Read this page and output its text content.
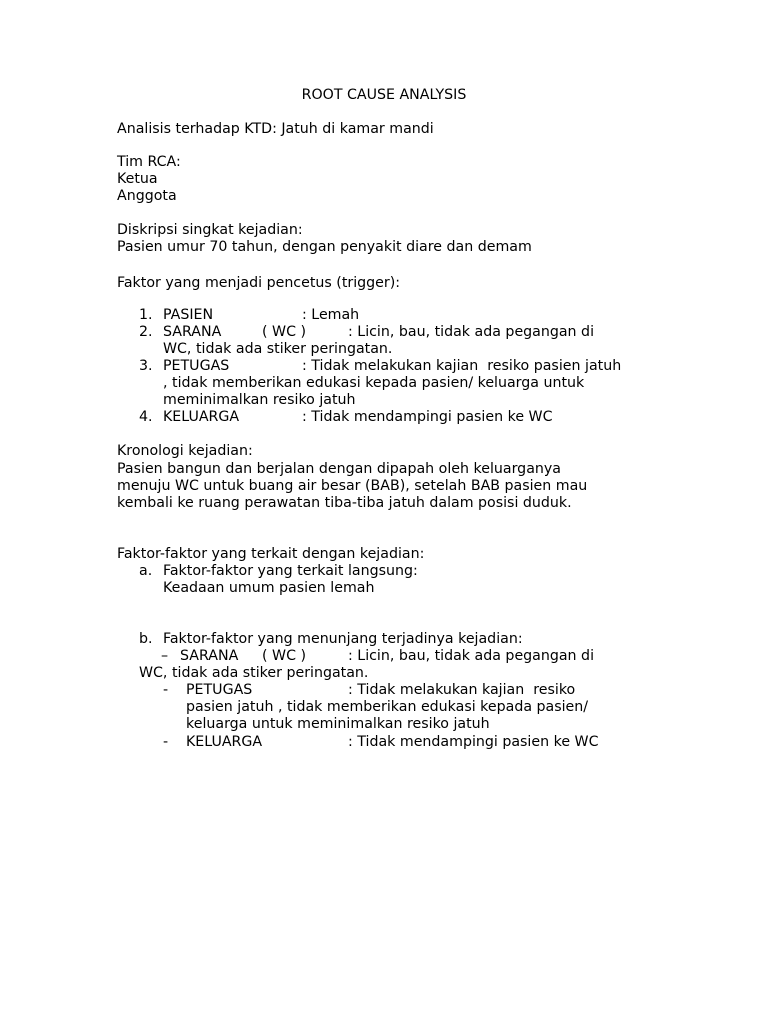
ROOT CAUSE ANALYSIS
Analisis terhadap KTD: Jatuh di kamar mandi
Tim RCA:
Ketua
Anggota
Diskripsi singkat kejadian:
Pasien umur 70 tahun, dengan penyakit diare dan demam
Faktor yang menjadi pencetus (trigger):
1. PASIEN	: Lemah
2. SARANA	( WC )	: Licin, bau, tidak ada pegangan di
WC, tidak ada stiker peringatan.
3. PETUGAS	: Tidak melakukan kajian  resiko pasien jatuh
, tidak memberikan edukasi kepada pasien/ keluarga untuk
meminimalkan resiko jatuh
4. KELUARGA	: Tidak mendampingi pasien ke WC
Kronologi kejadian:
Pasien bangun dan berjalan dengan dipapah oleh keluarganya
menuju WC untuk buang air besar (BAB), setelah BAB pasien mau
kembali ke ruang perawatan tiba-tiba jatuh dalam posisi duduk.
Faktor-faktor yang terkait dengan kejadian:
a. Faktor-faktor yang terkait langsung:
Keadaan umum pasien lemah
b. Faktor-faktor yang menunjang terjadinya kejadian:
– SARANA ( WC )	: Licin, bau, tidak ada pegangan di
WC, tidak ada stiker peringatan.
- PETUGAS	: Tidak melakukan kajian  resiko
pasien jatuh , tidak memberikan edukasi kepada pasien/
keluarga untuk meminimalkan resiko jatuh
- KELUARGA	: Tidak mendampingi pasien ke WC
